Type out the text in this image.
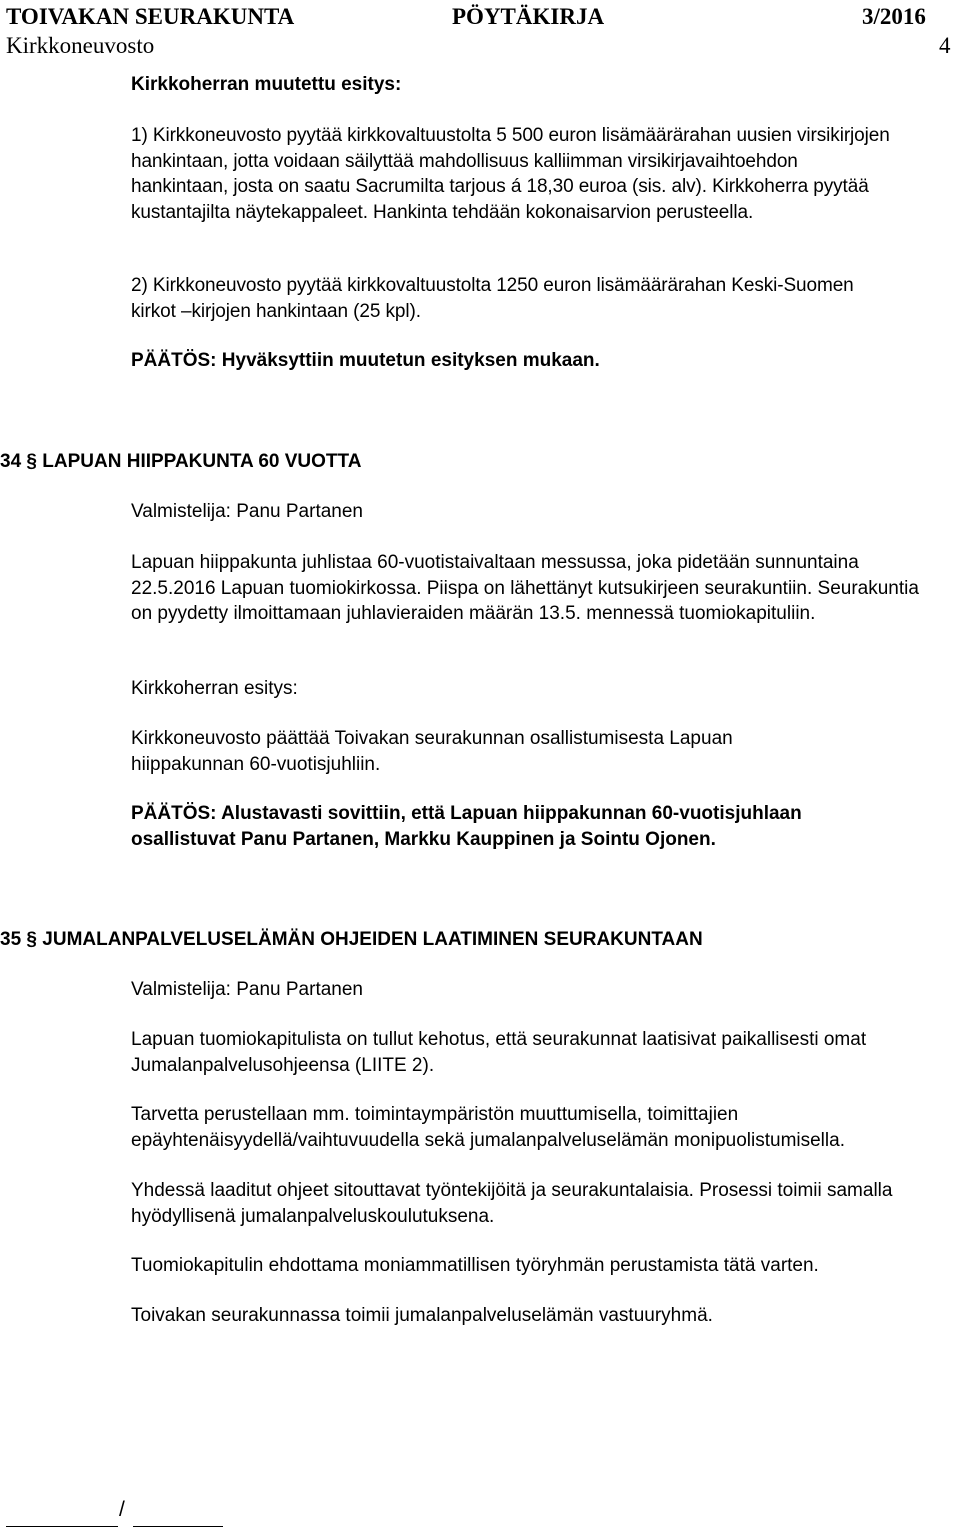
TOIVAKAN SEURAKUNTA	PÖYTÄKIRJA	3/2016
Kirkkoneuvosto	4
Kirkkoherran muutettu esitys:

1) Kirkkoneuvosto pyytää kirkkovaltuustolta 5 500 euron lisämäärärahan uusien virsikirjojen hankintaan, jotta voidaan säilyttää mahdollisuus kalliimman virsikirjavaihtoehdon hankintaan, josta on saatu Sacrumilta tarjous á 18,30 euroa (sis. alv). Kirkkoherra pyytää kustantajilta näytekappaleet. Hankinta tehdään kokonaisarvion perusteella.

2) Kirkkoneuvosto pyytää kirkkovaltuustolta 1250 euron lisämäärärahan Keski-Suomen kirkot –kirjojen hankintaan (25 kpl).

PÄÄTÖS: Hyväksyttiin muutetun esityksen mukaan.
34 § LAPUAN HIIPPAKUNTA 60 VUOTTA
Valmistelija: Panu Partanen

Lapuan hiippakunta juhlistaa 60-vuotistaivaltaan messussa, joka pidetään sunnuntaina 22.5.2016 Lapuan tuomiokirkossa. Piispa on lähettänyt kutsukirjeen seurakuntiin. Seurakuntia on pyydetty ilmoittamaan juhlavieraiden määrän 13.5. mennessä tuomiokapituliin.

Kirkkoherran esitys:

Kirkkoneuvosto päättää Toivakan seurakunnan osallistumisesta Lapuan hiippakunnan 60-vuotisjuhliin.

PÄÄTÖS: Alustavasti sovittiin, että Lapuan hiippakunnan 60-vuotisjuhlaan osallistuvat Panu Partanen, Markku Kauppinen ja Sointu Ojonen.

35 § JUMALANPALVELUSELÄMÄN OHJEIDEN LAATIMINEN SEURAKUNTAAN
Valmistelija: Panu Partanen

Lapuan tuomiokapitulista on tullut kehotus, että seurakunnat laatisivat paikallisesti omat Jumalanpalvelusohjeensa (LIITE 2).

Tarvetta perustellaan mm. toimintaympäristön muuttumisella, toimittajien epäyhtenäisyydellä/vaihtuvuudella sekä jumalanpalveluselämän monipuolistumisella.

Yhdessä laaditut ohjeet sitouttavat työntekijöitä ja seurakuntalaisia. Prosessi toimii samalla hyödyllisenä jumalanpalveluskoulutuksena.

Tuomiokapitulin ehdottama moniammatillisen työryhmän perustamista tätä varten.
Toivakan seurakunnassa toimii jumalanpalveluselämän vastuuryhmä.
/
